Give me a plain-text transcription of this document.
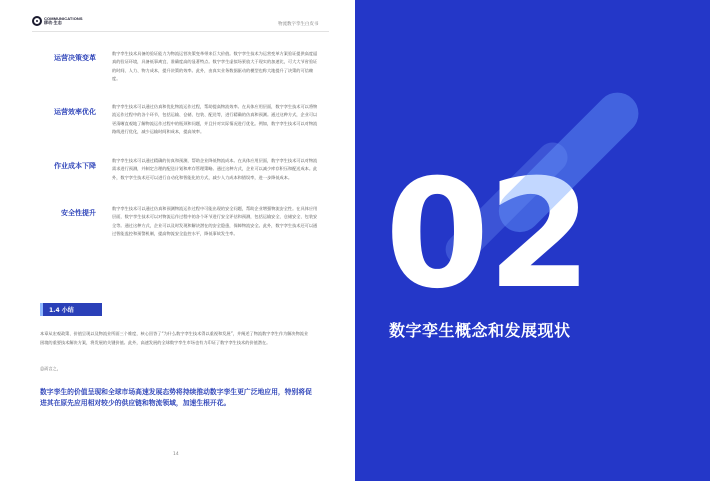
COMMUNICATIONS
移动·生态	物流数字孪生白皮书
运营决策变革
数字孪生技术具备的验证能力为物流运营决策变革带来巨大价值。数字孪生技术为运营变革方案验证提供高度逼真的验证环境，具备低事离宜、准确度高的显著特点。数字孪生虚拟场景放大于现实的加速比，可大大节省验证的时间、人力、物力成本，提升决策的效率。此外，由真实业务数据驱动的模型也称大地提升了决策的可信赖度。
运营效率优化
数字孪生技术可以通过仿真和优化物流运作过程，帮助提高物流效率。在具体应用层面，数字孪生技术可以将物流运作过程中的各个环节，包括运输、仓储、包装、配送等，进行精确的仿真和预测。通过这种方式，企业可以更清晰直观地了解物流运作过程中的瓶颈和问题，并且针对实际情况进行优化。例如，数字孪生技术可以对物流路线进行优化，减少运输时间和成本，提高效率。
作业成本下降
数字孪生技术可以通过精确的仿真和预测，帮助企业降低物流成本。在具体应用层面，数字孪生技术可以对物流需求进行预测，并制定合理的配送计划和库存管理策略。通过这种方式，企业可以减少库存积压和配送成本。此外，数字孪生技术还可以进行自动化和智能化的方式，减少人力成本和错误率，进一步降低成本。
安全性提升
数字孪生技术可以通过仿真和预测物流运作过程中可能出现的安全问题，帮助企业增强物流安全性。在具体应用层面，数字孪生技术可以对物流运作过程中的各个环节进行安全评估和预测，包括运输安全、仓储安全、包装安全等。通过这种方式，企业可以及时发现和解决潜在的安全隐患，保障物流安全。此外，数字孪生技术还可以通过智能监控和预警机制，提高物流安全监控水平，降低事故发生率。
1.4 小结
本章从宏观政策、价值呈现以及物流业所面三个维度，核心回答了“为什么数字孪生技术得以重视和发展”，并阐述了物流数字孪生作为解决物流业困境的重要技术解决方案，将发展的关键价值。此外，高速发展的全球数字孪生市场也有力印证了数字孪生技术的价值潜在。
总而言之，
数字孪生的价值呈现和全球市场高速发展态势将持续推动数字孪生更广泛地应用，特别将促进其在原先应用相对较少的供应链和物流领域，加速生根开花。
14
02
数字孪生概念和发展现状
